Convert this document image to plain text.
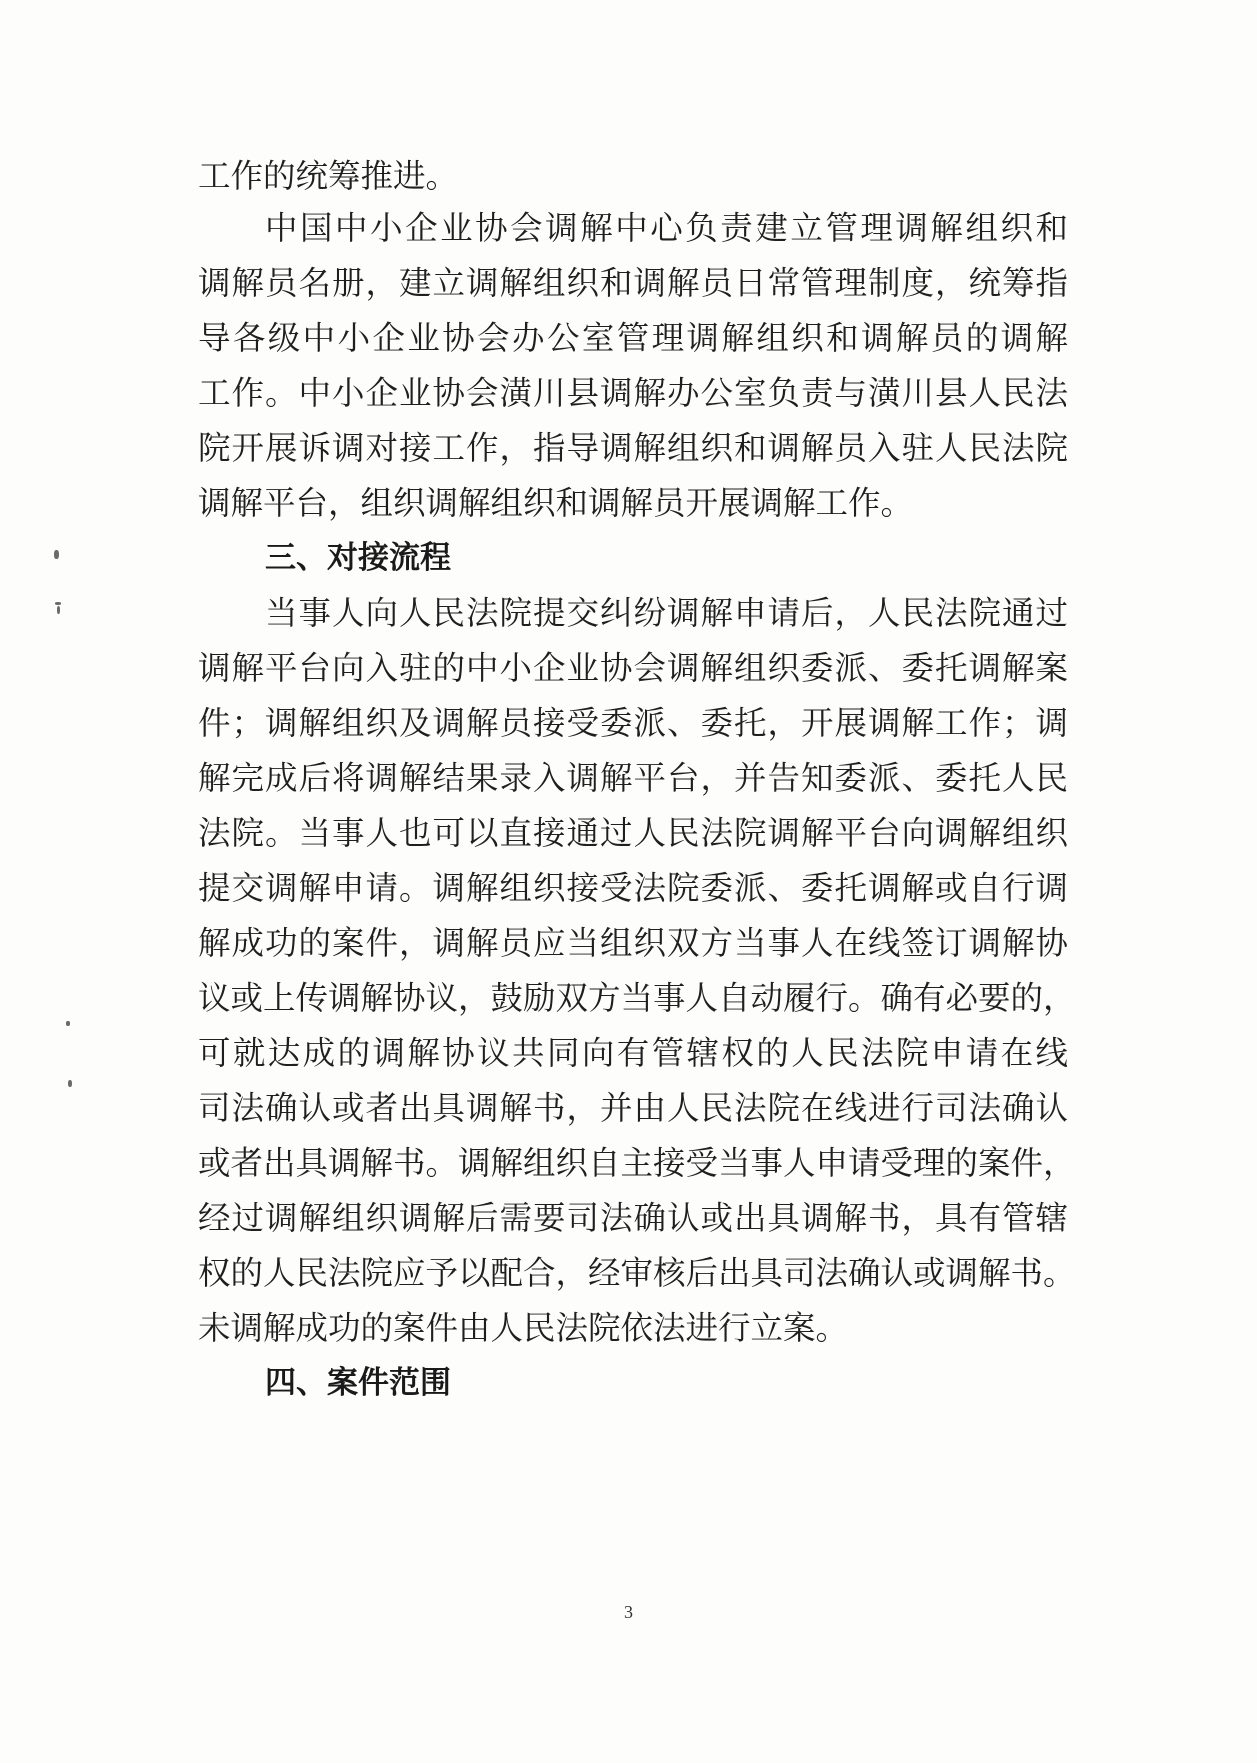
工作的统筹推进。
中国中小企业协会调解中心负责建立管理调解组织和
调解员名册，建立调解组织和调解员日常管理制度，统筹指
导各级中小企业协会办公室管理调解组织和调解员的调解
工作。中小企业协会潢川县调解办公室负责与潢川县人民法
院开展诉调对接工作，指导调解组织和调解员入驻人民法院
调解平台，组织调解组织和调解员开展调解工作。
三、对接流程
当事人向人民法院提交纠纷调解申请后，人民法院通过
调解平台向入驻的中小企业协会调解组织委派、委托调解案
件；调解组织及调解员接受委派、委托，开展调解工作；调
解完成后将调解结果录入调解平台，并告知委派、委托人民
法院。当事人也可以直接通过人民法院调解平台向调解组织
提交调解申请。调解组织接受法院委派、委托调解或自行调
解成功的案件，调解员应当组织双方当事人在线签订调解协
议或上传调解协议，鼓励双方当事人自动履行。确有必要的，
可就达成的调解协议共同向有管辖权的人民法院申请在线
司法确认或者出具调解书，并由人民法院在线进行司法确认
或者出具调解书。调解组织自主接受当事人申请受理的案件，
经过调解组织调解后需要司法确认或出具调解书，具有管辖
权的人民法院应予以配合，经审核后出具司法确认或调解书。
未调解成功的案件由人民法院依法进行立案。
四、案件范围
3
